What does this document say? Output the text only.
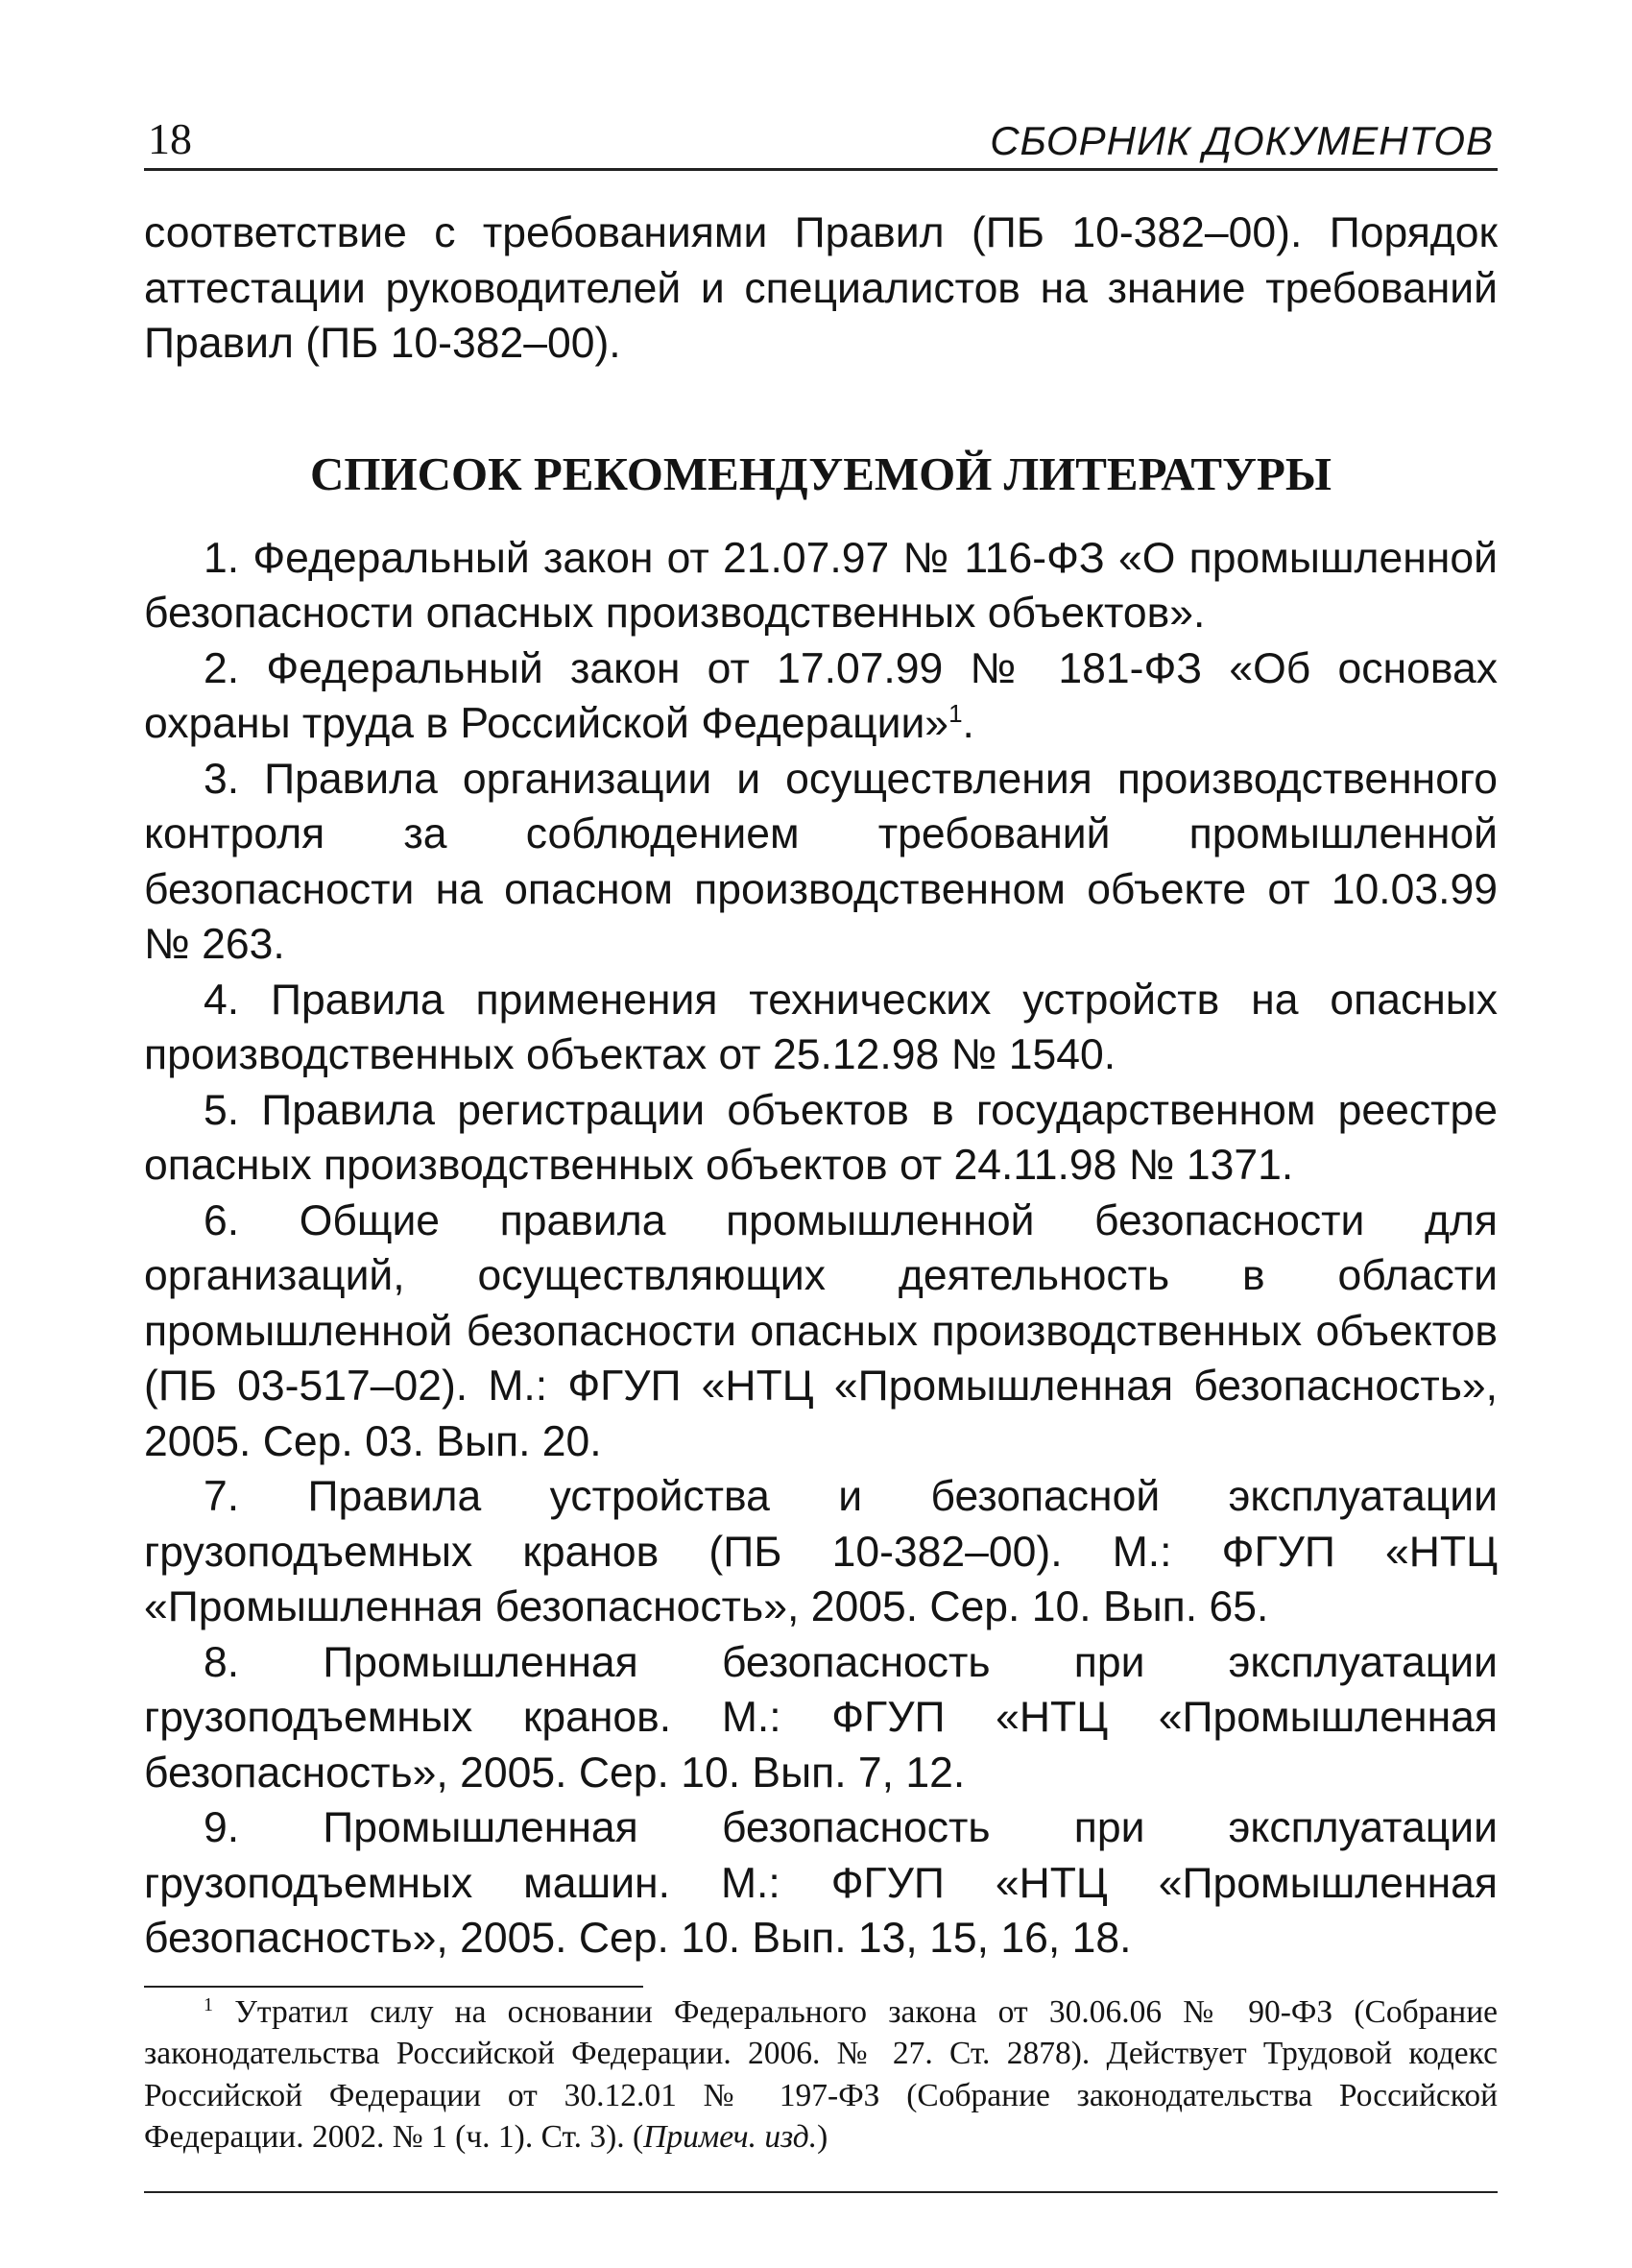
18	СБОРНИК ДОКУМЕНТОВ

соответствие с требованиями Правил (ПБ 10-382–00). Порядок аттестации руководителей и специалистов на знание требований Правил (ПБ 10-382–00).

СПИСОК РЕКОМЕНДУЕМОЙ ЛИТЕРАТУРЫ
1. Федеральный закон от 21.07.97 № 116-ФЗ «О промышленной безопасности опасных производственных объектов».
2. Федеральный закон от 17.07.99 № 181-ФЗ «Об основах охраны труда в Российской Федерации»$^1$.
3. Правила организации и осуществления производственного контроля за соблюдением требований промышленной безопасности на опасном производственном объекте от 10.03.99 № 263.
4. Правила применения технических устройств на опасных производственных объектах от 25.12.98 № 1540.
5. Правила регистрации объектов в государственном реестре опасных производственных объектов от 24.11.98 № 1371.
6. Общие правила промышленной безопасности для организаций, осуществляющих деятельность в области промышленной безопасности опасных производственных объектов (ПБ 03-517–02). М.: ФГУП «НТЦ «Промышленная безопасность», 2005. Сер. 03. Вып. 20.
7. Правила устройства и безопасной эксплуатации грузоподъемных кранов (ПБ 10-382–00). М.: ФГУП «НТЦ «Промышленная безопасность», 2005. Сер. 10. Вып. 65.
8. Промышленная безопасность при эксплуатации грузоподъемных кранов. М.: ФГУП «НТЦ «Промышленная безопасность», 2005. Сер. 10. Вып. 7, 12.
9. Промышленная безопасность при эксплуатации грузоподъемных машин. М.: ФГУП «НТЦ «Промышленная безопасность», 2005. Сер. 10. Вып. 13, 15, 16, 18.

$^1$ Утратил силу на основании Федерального закона от 30.06.06 № 90-ФЗ (Собрание законодательства Российской Федерации. 2006. № 27. Ст. 2878). Действует Трудовой кодекс Российской Федерации от 30.12.01 № 197-ФЗ (Собрание законодательства Российской Федерации. 2002. № 1 (ч. 1). Ст. 3). (Примеч. изд.)
